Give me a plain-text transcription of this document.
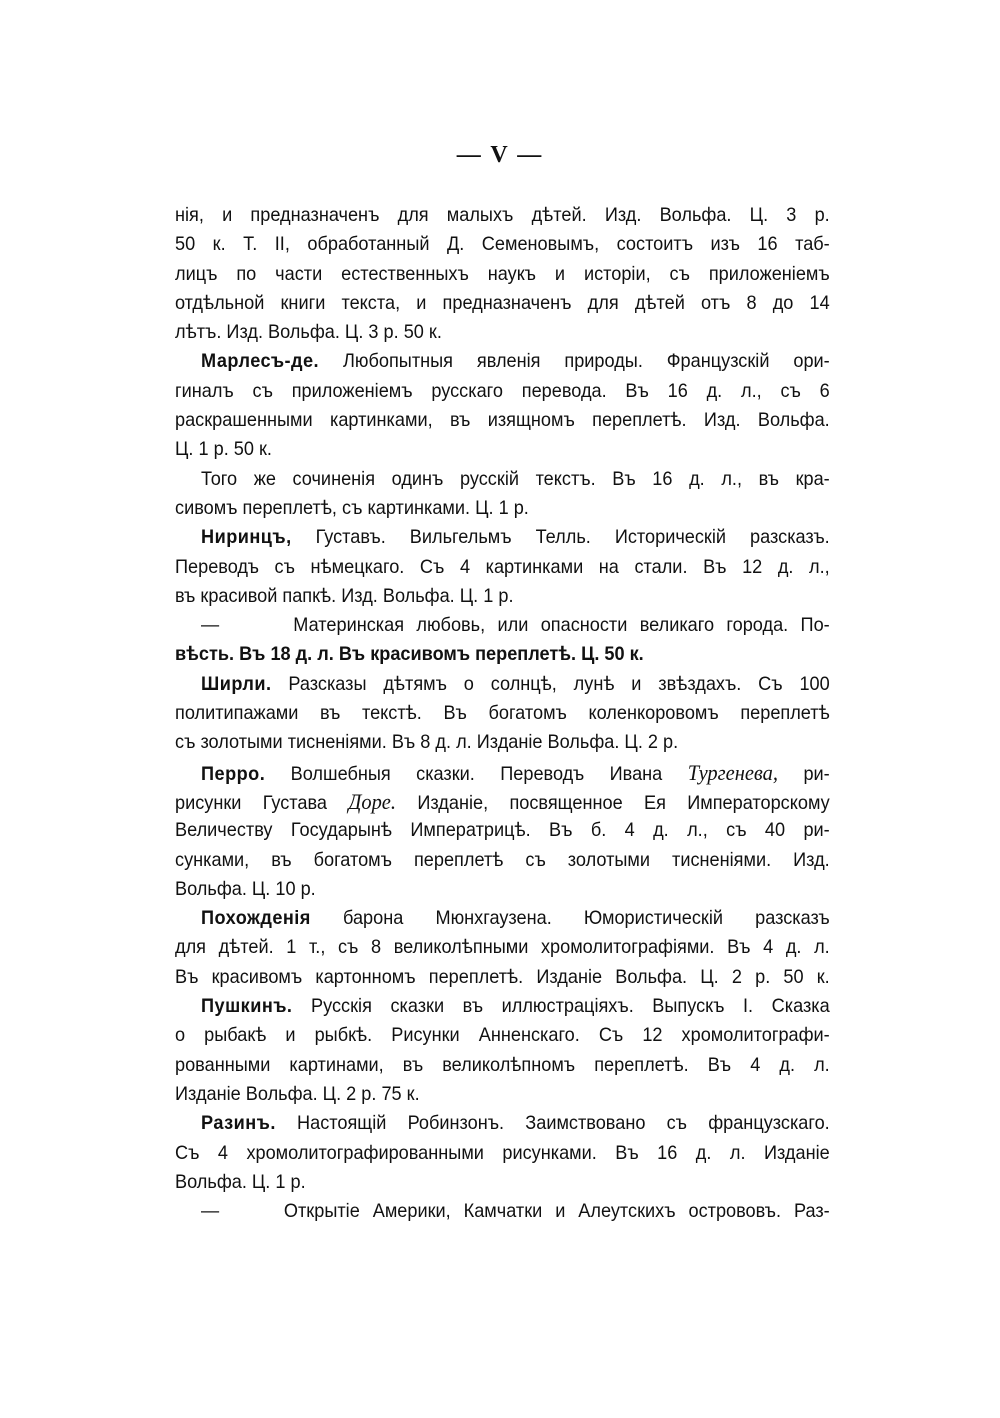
— V —
нія, и предназначенъ для малыхъ дѣтей. Изд. Вольфа. Ц. 3 р.
50 к. Т. II, обработанный Д. Семеновымъ, состоитъ изъ 16 таб-
лицъ по части естественныхъ наукъ и исторіи, съ приложеніемъ
отдѣльной книги текста, и предназначенъ для дѣтей отъ 8 до 14
лѣтъ. Изд. Вольфа. Ц. 3 р. 50 к.
Марлесъ-де. Любопытныя явленія природы. Французскій ори-
гиналъ съ приложеніемъ русскаго перевода. Въ 16 д. л., съ 6
раскрашенными картинками, въ изящномъ переплетѣ. Изд. Вольфа.
Ц. 1 р. 50 к.
Того же сочиненія одинъ русскій текстъ. Въ 16 д. л., въ кра-
сивомъ переплетѣ, съ картинками. Ц. 1 р.
Ниринцъ, Густавъ. Вильгельмъ Телль. Историческій разсказъ.
Переводъ съ нѣмецкаго. Съ 4 картинками на стали. Въ 12 д. л.,
въ красивой папкѣ. Изд. Вольфа. Ц. 1 р.
—	Материнская любовь, или опасности великаго города. По-
вѣсть. Въ 18 д. л. Въ красивомъ переплетѣ. Ц. 50 к.
Ширли. Разсказы дѣтямъ о солнцѣ, лунѣ и звѣздахъ. Съ 100
политипажами въ текстѣ. Въ богатомъ коленкоровомъ переплетѣ
съ золотыми тисненіями. Въ 8 д. л. Изданіе Вольфа. Ц. 2 р.
Перро. Волшебныя сказки. Переводъ Ивана Тургенева, ри-
рисунки Густава Доре. Изданіе, посвященное Ея Императорскому
Величеству Государынѣ Императрицѣ. Въ б. 4 д. л., съ 40 ри-
сунками, въ богатомъ переплетѣ съ золотыми тисненіями. Изд.
Вольфа. Ц. 10 р.
Похожденія барона Мюнхгаузена. Юмористическій разсказъ
для дѣтей. 1 т., съ 8 великолѣпными хромолитографіями. Въ 4 д. л.
Въ красивомъ картонномъ переплетѣ. Изданіе Вольфа. Ц. 2 р. 50 к.
Пушкинъ. Русскія сказки въ иллюстраціяхъ. Выпускъ I. Сказка
о рыбакѣ и рыбкѣ. Рисунки Анненскаго. Съ 12 хромолитографи-
рованными картинами, въ великолѣпномъ переплетѣ. Въ 4 д. л.
Изданіе Вольфа. Ц. 2 р. 75 к.
Разинъ. Настоящій Робинзонъ. Заимствовано съ французскаго.
Съ 4 хромолитографированными рисунками. Въ 16 д. л. Изданіе
Вольфа. Ц. 1 р.
—	Открытіе Америки, Камчатки и Алеутскихъ острововъ. Раз-
